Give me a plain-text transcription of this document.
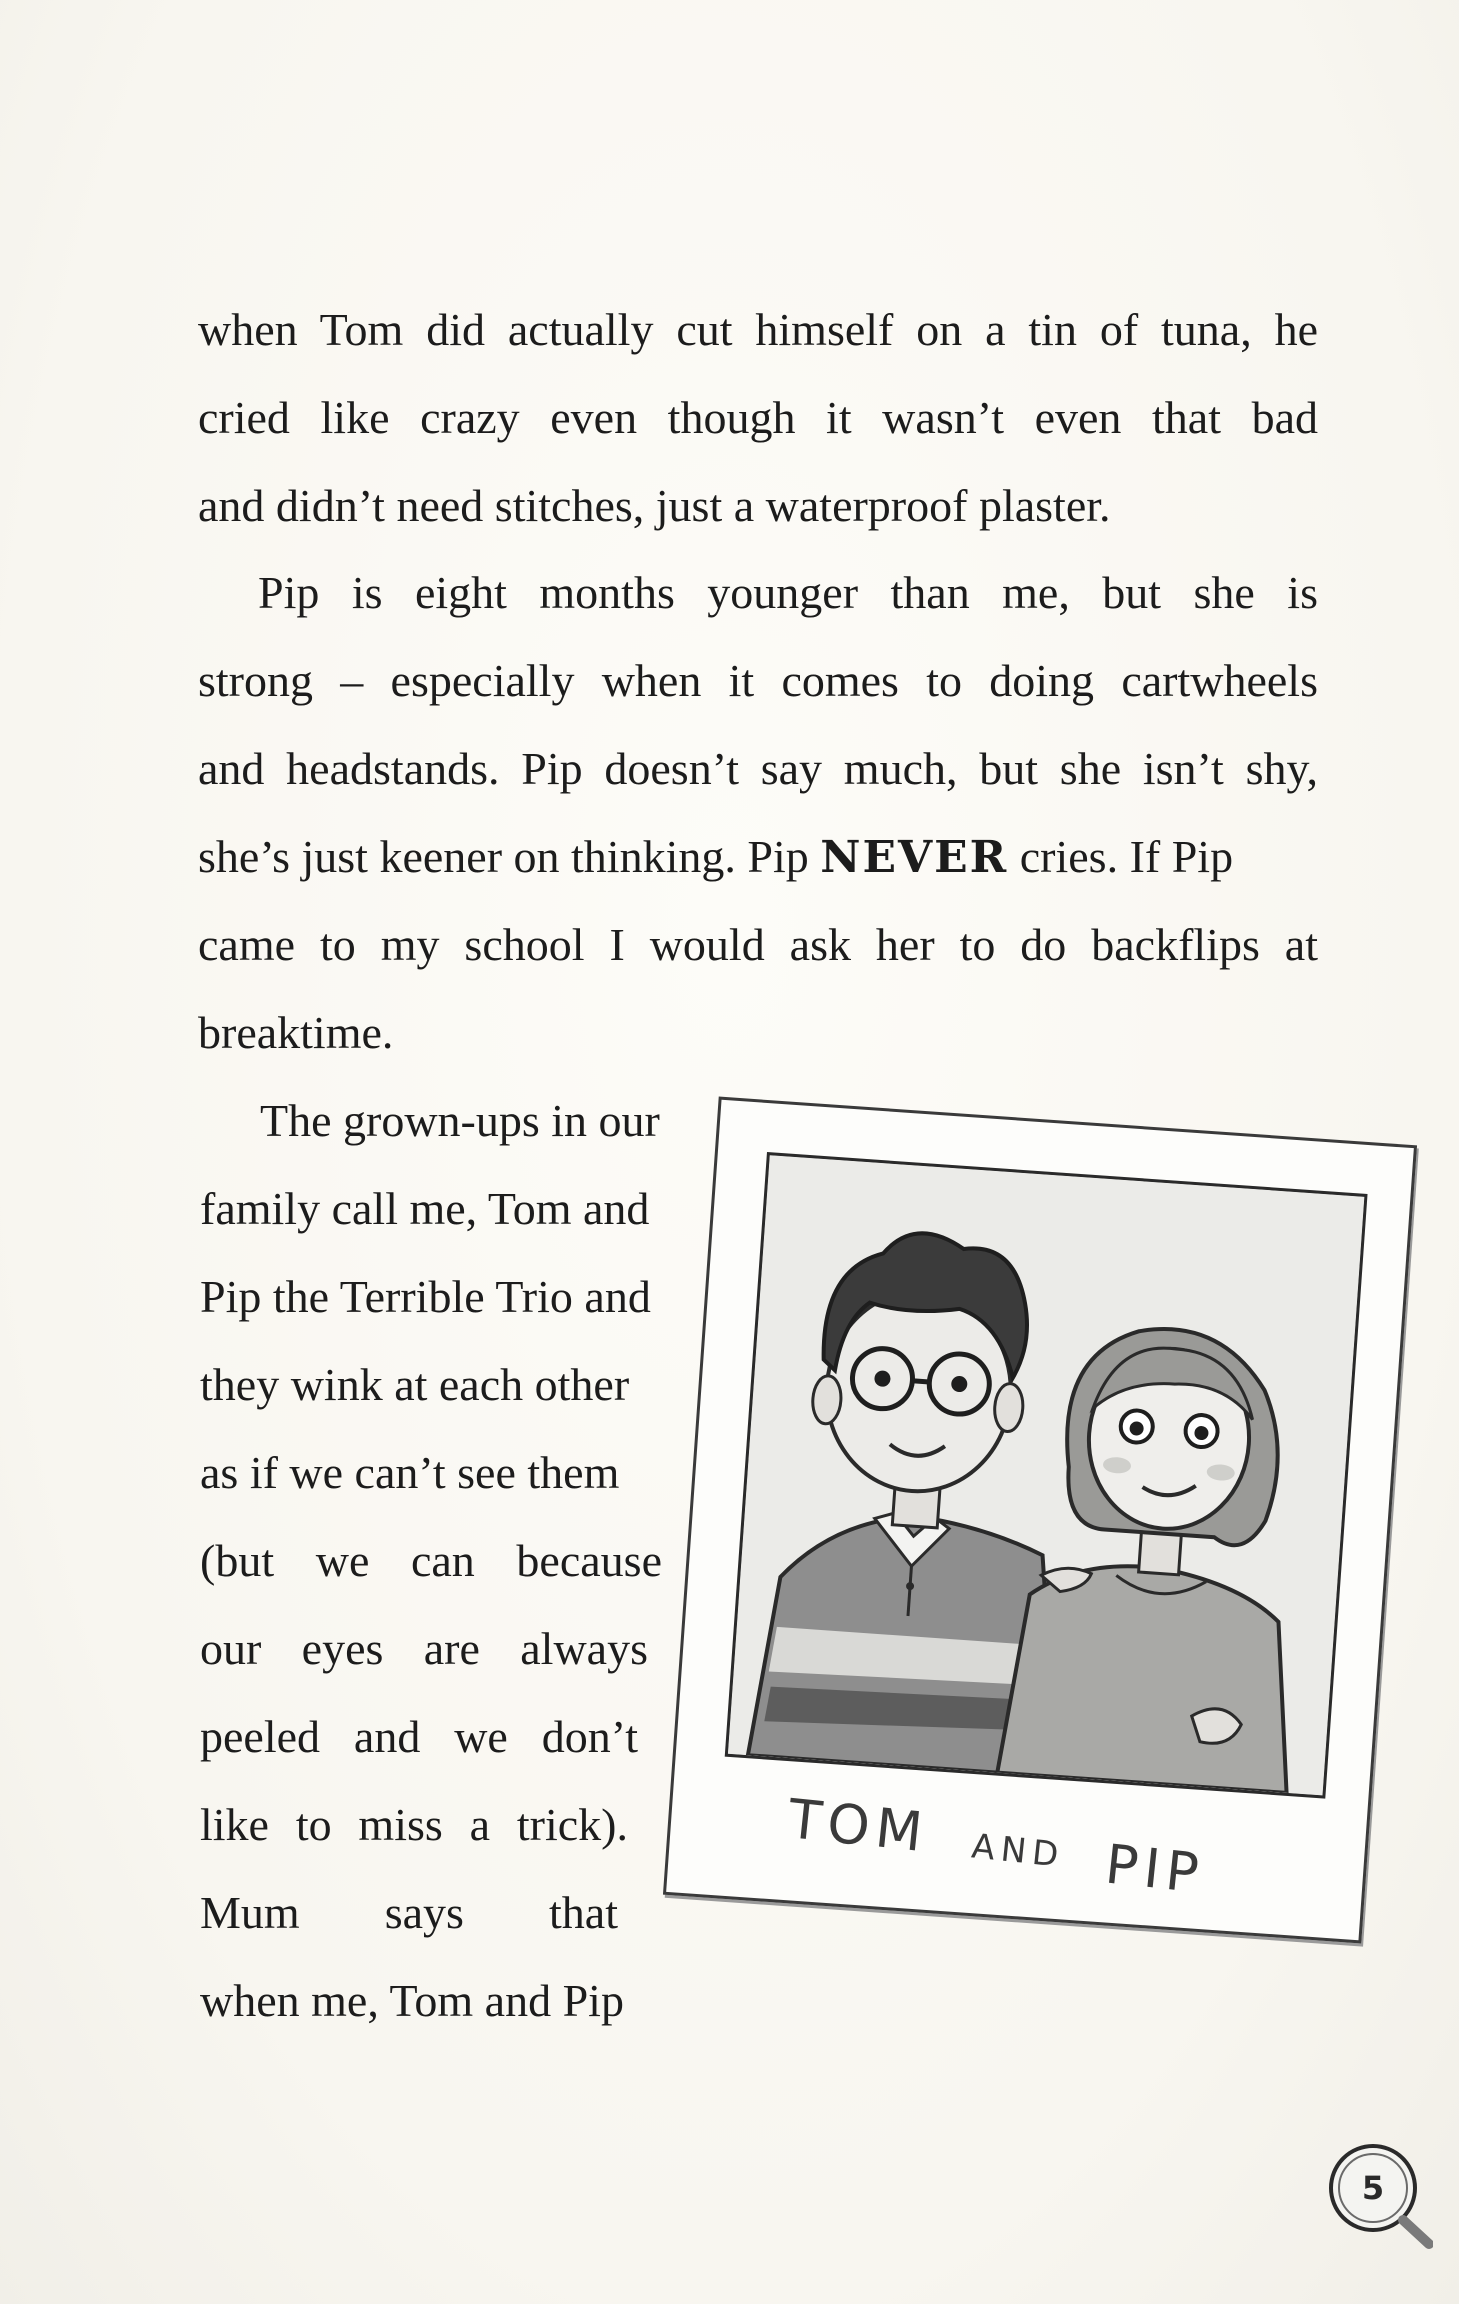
when Tom did actually cut himself on a tin of tuna, he
cried like crazy even though it wasn’t even that bad
and didn’t need stitches, just a waterproof plaster.
Pip is eight months younger than me, but she is
strong – especially when it comes to doing cartwheels
and headstands. Pip doesn’t say much, but she isn’t shy,
she’s just keener on thinking. Pip NEVER cries. If Pip
came to my school I would ask her to do backflips at
breaktime.
The grown-ups in our
family call me, Tom and
Pip the Terrible Trio and
they wink at each other
as if we can’t see them
(but we can because
our eyes are always
peeled and we don’t
like to miss a trick).
Mum says that
when me, Tom and Pip
TOM AND PIP
5
